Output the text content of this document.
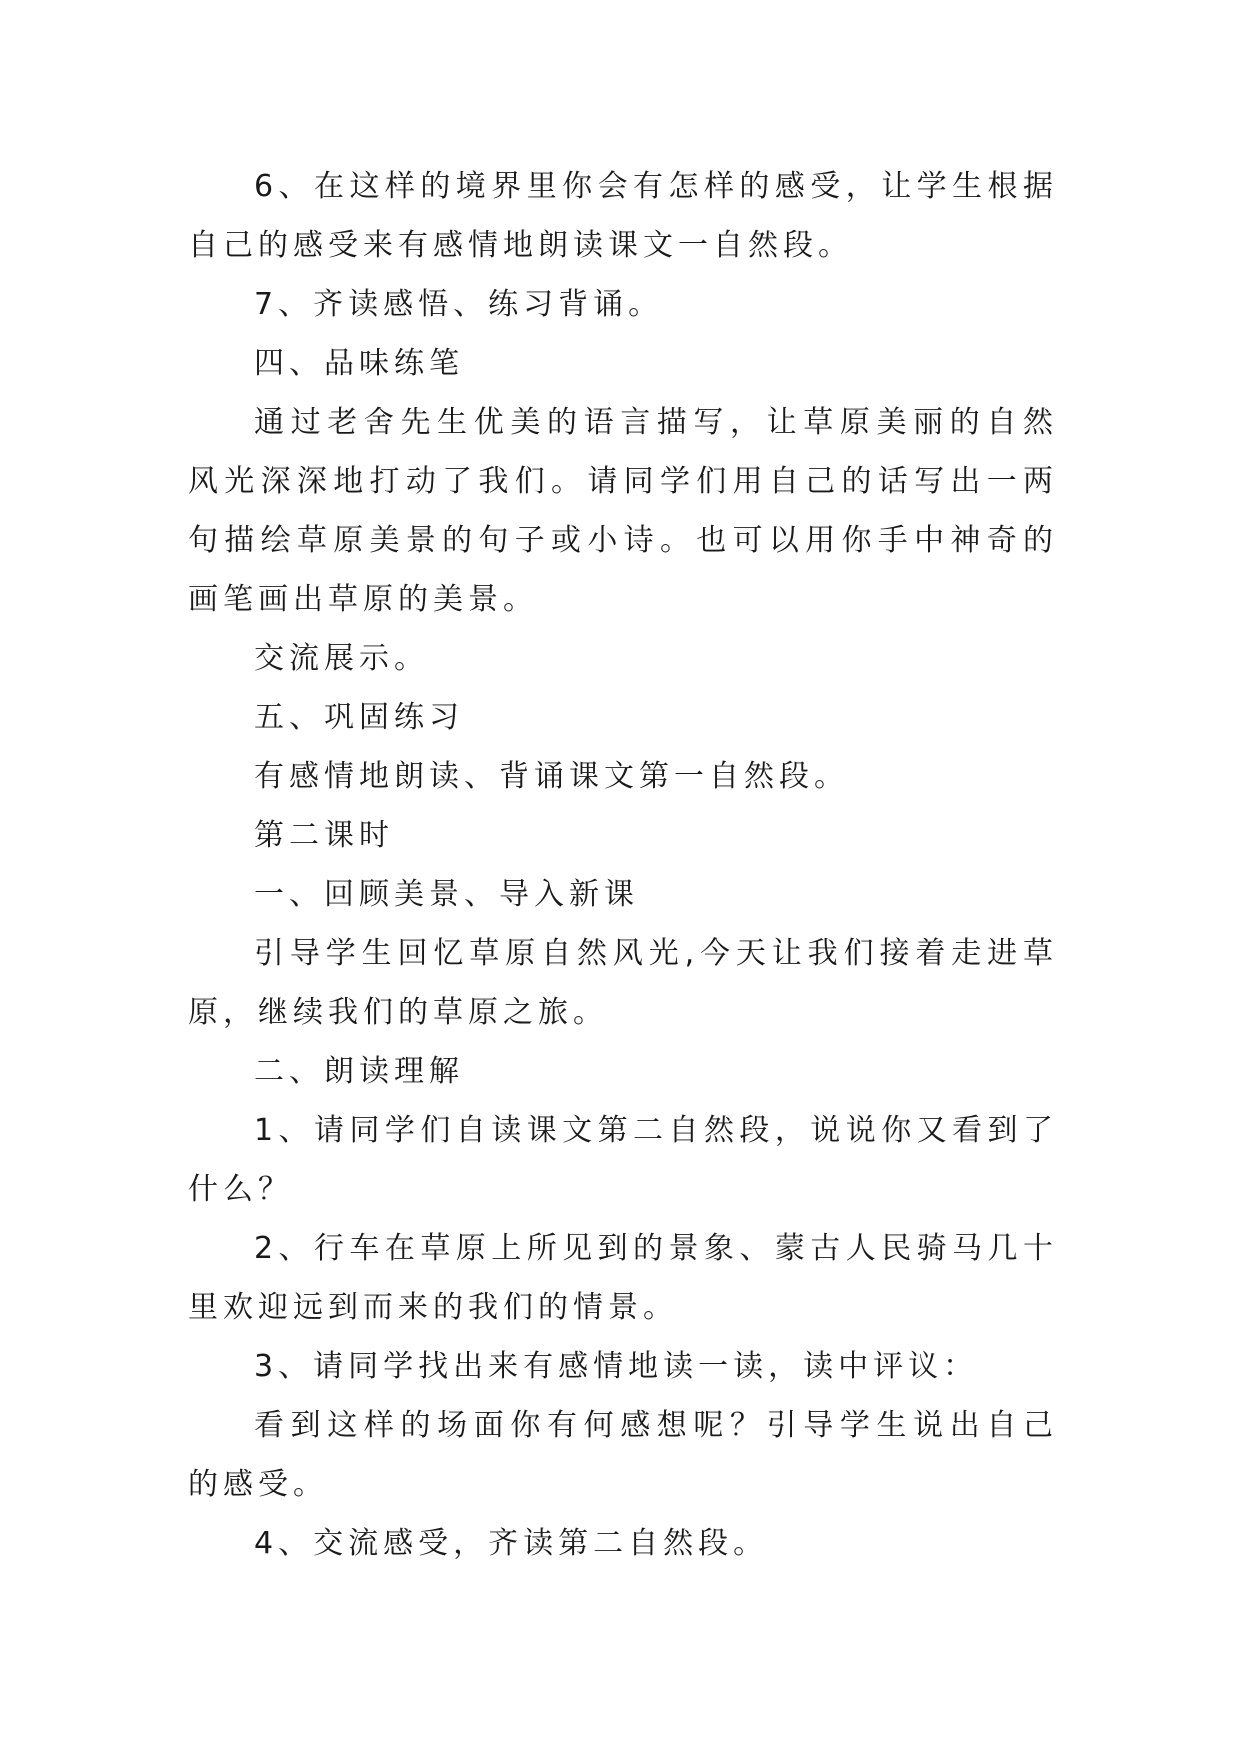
6、在这样的境界里你会有怎样的感受，让学生根据自己的感受来有感情地朗读课文一自然段。

7、齐读感悟、练习背诵。

四、品味练笔

通过老舍先生优美的语言描写，让草原美丽的自然风光深深地打动了我们。请同学们用自己的话写出一两句描绘草原美景的句子或小诗。也可以用你手中神奇的画笔画出草原的美景。

交流展示。

五、巩固练习

有感情地朗读、背诵课文第一自然段。

第二课时

一、回顾美景、导入新课

引导学生回忆草原自然风光,今天让我们接着走进草原，继续我们的草原之旅。

二、朗读理解

1、请同学们自读课文第二自然段，说说你又看到了什么？

2、行车在草原上所见到的景象、蒙古人民骑马几十里欢迎远到而来的我们的情景。

3、请同学找出来有感情地读一读，读中评议：

看到这样的场面你有何感想呢？引导学生说出自己的感受。

4、交流感受，齐读第二自然段。
